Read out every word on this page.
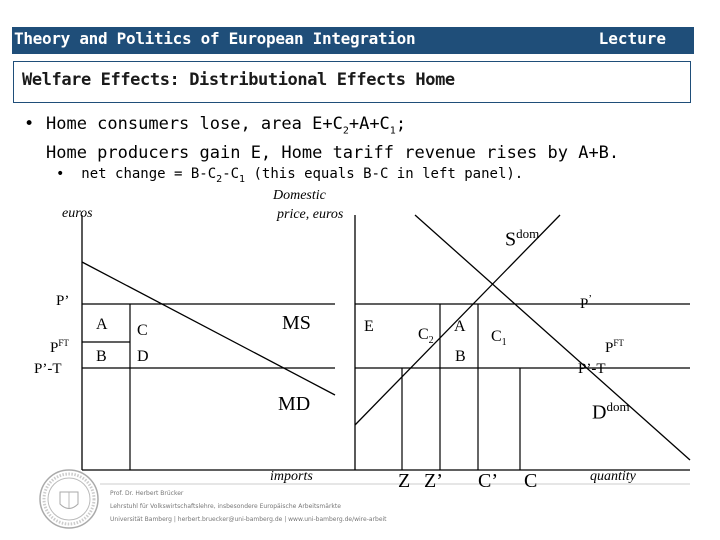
Theory and Politics of European Integration	Lecture
Welfare Effects: Distributional Effects Home
• Home consumers lose, area $E+C_2+A+C_1$;
Home producers gain E, Home tariff revenue rises by A+B.
•  net change = $B-C_2-C_1$ (this equals B-C in left panel).
euros
imports
P’
$P^{FT}$
P’-T
A
B
C
D
MS
MD
Domestic
price, euros
quantity
$S^{dom}$
$D^{dom}$
P’
$P^{FT}$
P’-T
E	$C_2$
A
$C_1$
B
Z Z’ C’ C
Prof. Dr. Herbert Brücker
Lehrstuhl für Volkswirtschaftslehre, insbesondere Europäische Arbeitsmärkte
Universität Bamberg | herbert.bruecker@uni-bamberg.de | www.uni-bamberg.de/wire-arbeit
